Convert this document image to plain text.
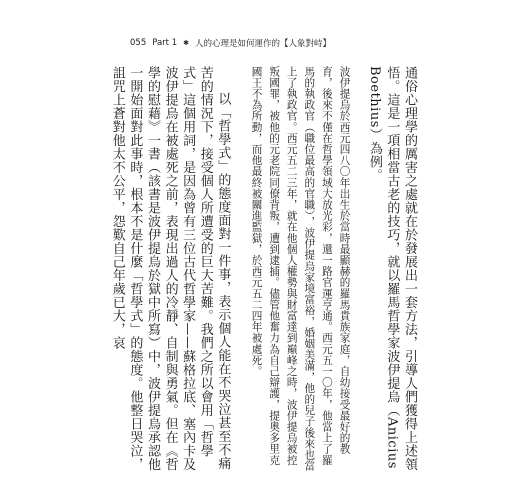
055 Part 1 ✱ 人的心理是如何運作的【人象對峙】

通俗心理學的厲害之處就在於發展出一套方法，引導人們獲得上述領悟。這是一項相當古老的技巧，就以羅馬哲學家波伊提烏（Anicius Boethius）為例。

波伊提烏於西元四八〇年出生於當時最顯赫的羅馬貴族家庭，自幼接受最好的教育，後來不僅在哲學領域大放光彩，還一路官運亨通。西元五一〇年，他當上了羅馬的執政官（職位最高的官職），波伊提烏家境富裕，婚姻美滿，他的兒子後來也當上了執政官。西元五二三年，就在他個人權勢與財富達到巔峰之時，波伊提烏被控叛國罪，被他的元老院同僚背叛，遭到逮捕。儘管他奮力為自己辯護，提奧多里克國王不為所動，而他最終被關進監獄，於西元五二四年被處死。

以「哲學式」的態度面對一件事，表示個人能在不哭泣甚至不痛苦的情況下，接受個人所遭受的巨大苦難。我們之所以會用「哲學式」這個用詞，是因為曾有三位古代哲學家——蘇格拉底、塞內卡及波伊提烏在被處死之前，表現出過人的冷靜、自制與勇氣。但在《哲學的慰藉》一書（該書是波伊提烏於獄中所寫）中，波伊提烏承認他一開始面對此事時，根本不是什麼「哲學式」的態度。他整日哭泣，詛咒上蒼對他太不公平，怨歎自己年歲已大，哀
